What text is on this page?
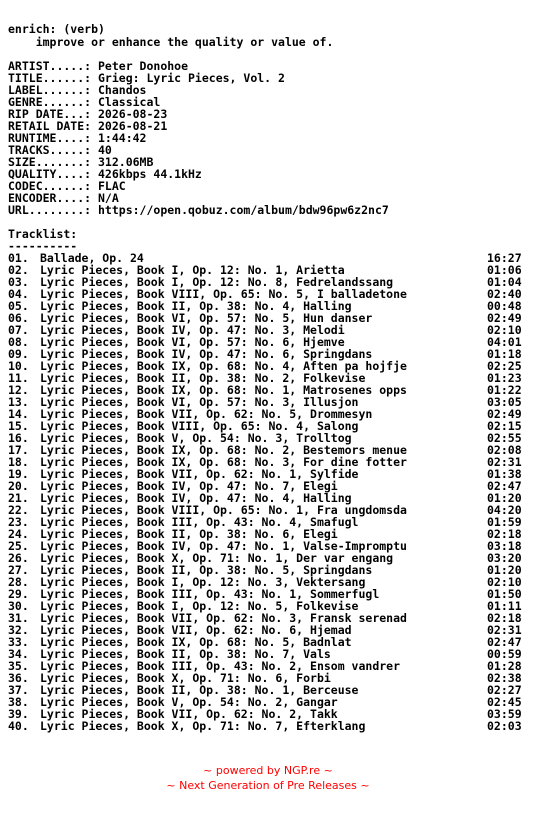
enrich: (verb)
improve or enhance the quality or value of.
ARTIST.....: Peter Donohoe
TITLE......: Grieg: Lyric Pieces, Vol. 2
LABEL......: Chandos
GENRE......: Classical
RIP DATE...: 2026-08-23
RETAIL DATE: 2026-08-21
RUNTIME....: 1:44:42
TRACKS.....: 40
SIZE.......: 312.06MB
QUALITY....: 426kbps 44.1kHz
CODEC......: FLAC
ENCODER....: N/A
URL........: https://open.qobuz.com/album/bdw96pw6z2nc7
Tracklist:
----------
01. Ballade, Op. 24	16:27
02. Lyric Pieces, Book I, Op. 12: No. 1, Arietta	01:06
03. Lyric Pieces, Book I, Op. 12: No. 8, Fedrelandssang	01:04
04. Lyric Pieces, Book VIII, Op. 65: No. 5, I balladetone	02:40
05. Lyric Pieces, Book II, Op. 38: No. 4, Halling	00:48
06. Lyric Pieces, Book VI, Op. 57: No. 5, Hun danser	02:49
07. Lyric Pieces, Book IV, Op. 47: No. 3, Melodi	02:10
08. Lyric Pieces, Book VI, Op. 57: No. 6, Hjemve	04:01
09. Lyric Pieces, Book IV, Op. 47: No. 6, Springdans	01:18
10. Lyric Pieces, Book IX, Op. 68: No. 4, Aften pa hojfje	02:25
11. Lyric Pieces, Book II, Op. 38: No. 2, Folkevise	01:23
12. Lyric Pieces, Book IX, Op. 68: No. 1, Matrosenes opps	01:22
13. Lyric Pieces, Book VI, Op. 57: No. 3, Illusjon	03:05
14. Lyric Pieces, Book VII, Op. 62: No. 5, Drommesyn	02:49
15. Lyric Pieces, Book VIII, Op. 65: No. 4, Salong	02:15
16. Lyric Pieces, Book V, Op. 54: No. 3, Trolltog	02:55
17. Lyric Pieces, Book IX, Op. 68: No. 2, Bestemors menue	02:08
18. Lyric Pieces, Book IX, Op. 68: No. 3, For dine fotter	02:31
19. Lyric Pieces, Book VII, Op. 62: No. 1, Sylfide	01:38
20. Lyric Pieces, Book IV, Op. 47: No. 7, Elegi	02:47
21. Lyric Pieces, Book IV, Op. 47: No. 4, Halling	01:20
22. Lyric Pieces, Book VIII, Op. 65: No. 1, Fra ungdomsda	04:20
23. Lyric Pieces, Book III, Op. 43: No. 4, Smafugl	01:59
24. Lyric Pieces, Book II, Op. 38: No. 6, Elegi	02:18
25. Lyric Pieces, Book IV, Op. 47: No. 1, Valse-Impromptu	03:18
26. Lyric Pieces, Book X, Op. 71: No. 1, Der var engang	03:20
27. Lyric Pieces, Book II, Op. 38: No. 5, Springdans	01:20
28. Lyric Pieces, Book I, Op. 12: No. 3, Vektersang	02:10
29. Lyric Pieces, Book III, Op. 43: No. 1, Sommerfugl	01:50
30. Lyric Pieces, Book I, Op. 12: No. 5, Folkevise	01:11
31. Lyric Pieces, Book VII, Op. 62: No. 3, Fransk serenad	02:18
32. Lyric Pieces, Book VII, Op. 62: No. 6, Hjemad	02:31
33. Lyric Pieces, Book IX, Op. 68: No. 5, Badnlat	02:47
34. Lyric Pieces, Book II, Op. 38: No. 7, Vals	00:59
35. Lyric Pieces, Book III, Op. 43: No. 2, Ensom vandrer	01:28
36. Lyric Pieces, Book X, Op. 71: No. 6, Forbi	02:38
37. Lyric Pieces, Book II, Op. 38: No. 1, Berceuse	02:27
38. Lyric Pieces, Book V, Op. 54: No. 2, Gangar	02:45
39. Lyric Pieces, Book VII, Op. 62: No. 2, Takk	03:59
40. Lyric Pieces, Book X, Op. 71: No. 7, Efterklang	02:03
~ powered by NGP.re ~
~ Next Generation of Pre Releases ~
